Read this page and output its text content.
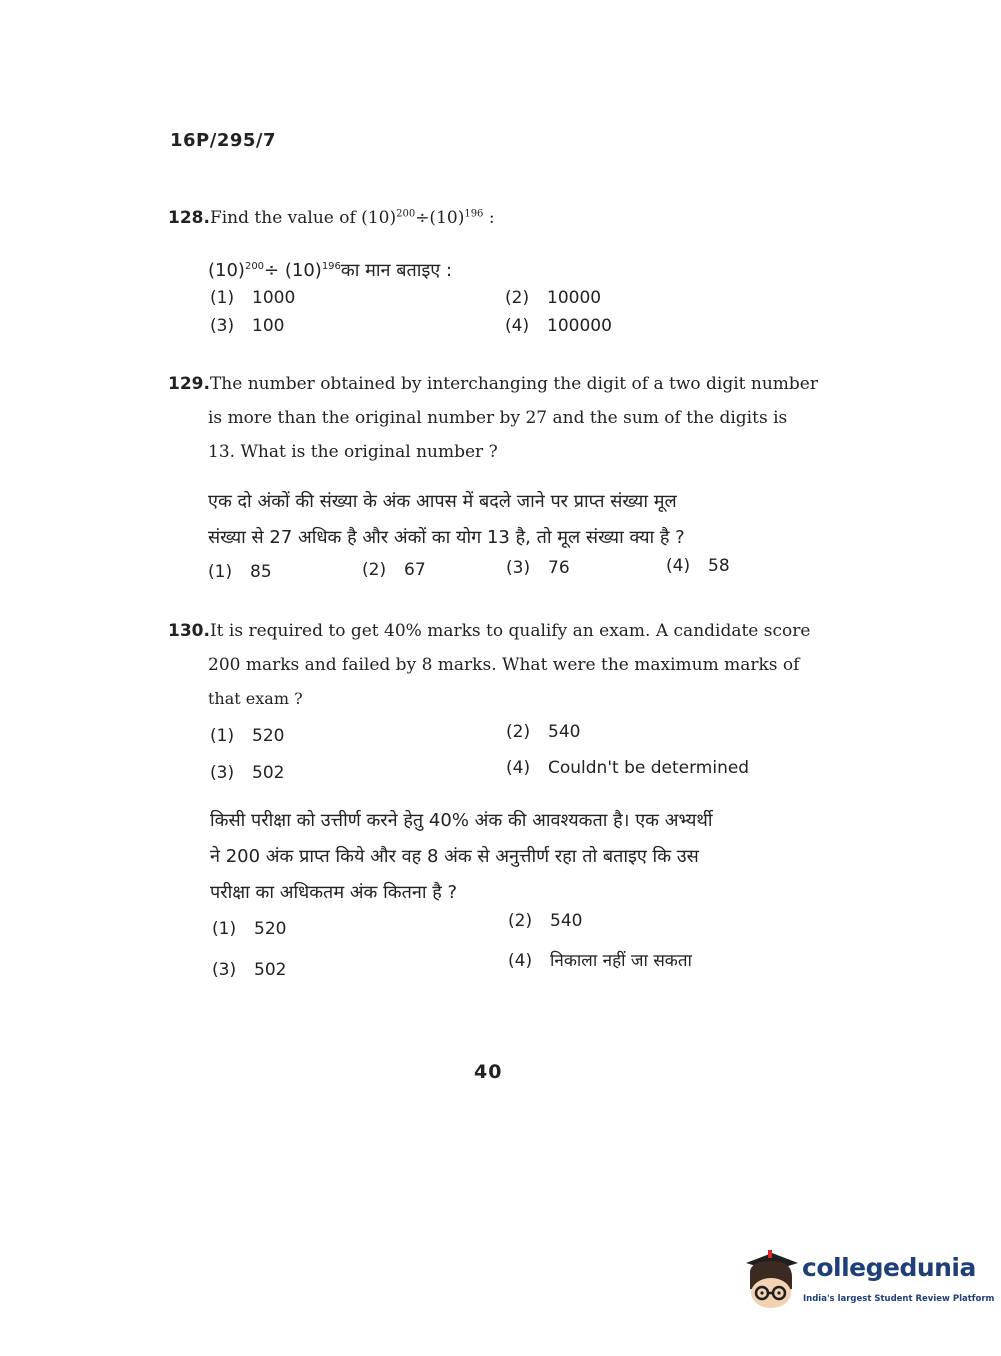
16P/295/7
128.Find the value of $(10)^{200}\div(10)^{196}$ :
$(10)^{200}\div$ $(10)^{196}का$ मान बताइए :
(1) 1000	(2) 10000
(3) 100	(4) 100000
129.The number obtained by interchanging the digit of a two digit number
is more than the original number by 27 and the sum of the digits is
13. What is the original number ?
एक दो अंकों की संख्या के अंक आपस में बदले जाने पर प्राप्त संख्या मूल
संख्या से 27 अधिक है और अंकों का योग 13 है, तो मूल संख्या क्या है ?
(1) 85	(2) 67	(3) 76	(4) 58
130.It is required to get 40% marks to qualify an exam. A candidate score
200 marks and failed by 8 marks. What were the maximum marks of
that exam ?
(1) 520	(2) 540
(3) 502	(4) Couldn't be determined
किसी परीक्षा को उत्तीर्ण करने हेतु 40% अंक की आवश्यकता है। एक अभ्यर्थी
ने 200 अंक प्राप्त किये और वह 8 अंक से अनुत्तीर्ण रहा तो बताइए कि उस
परीक्षा का अधिकतम अंक कितना है ?
(1) 520	(2) 540
(3) 502	(4) निकाला नहीं जा सकता
40
collegedunia
India's largest Student Review Platform
